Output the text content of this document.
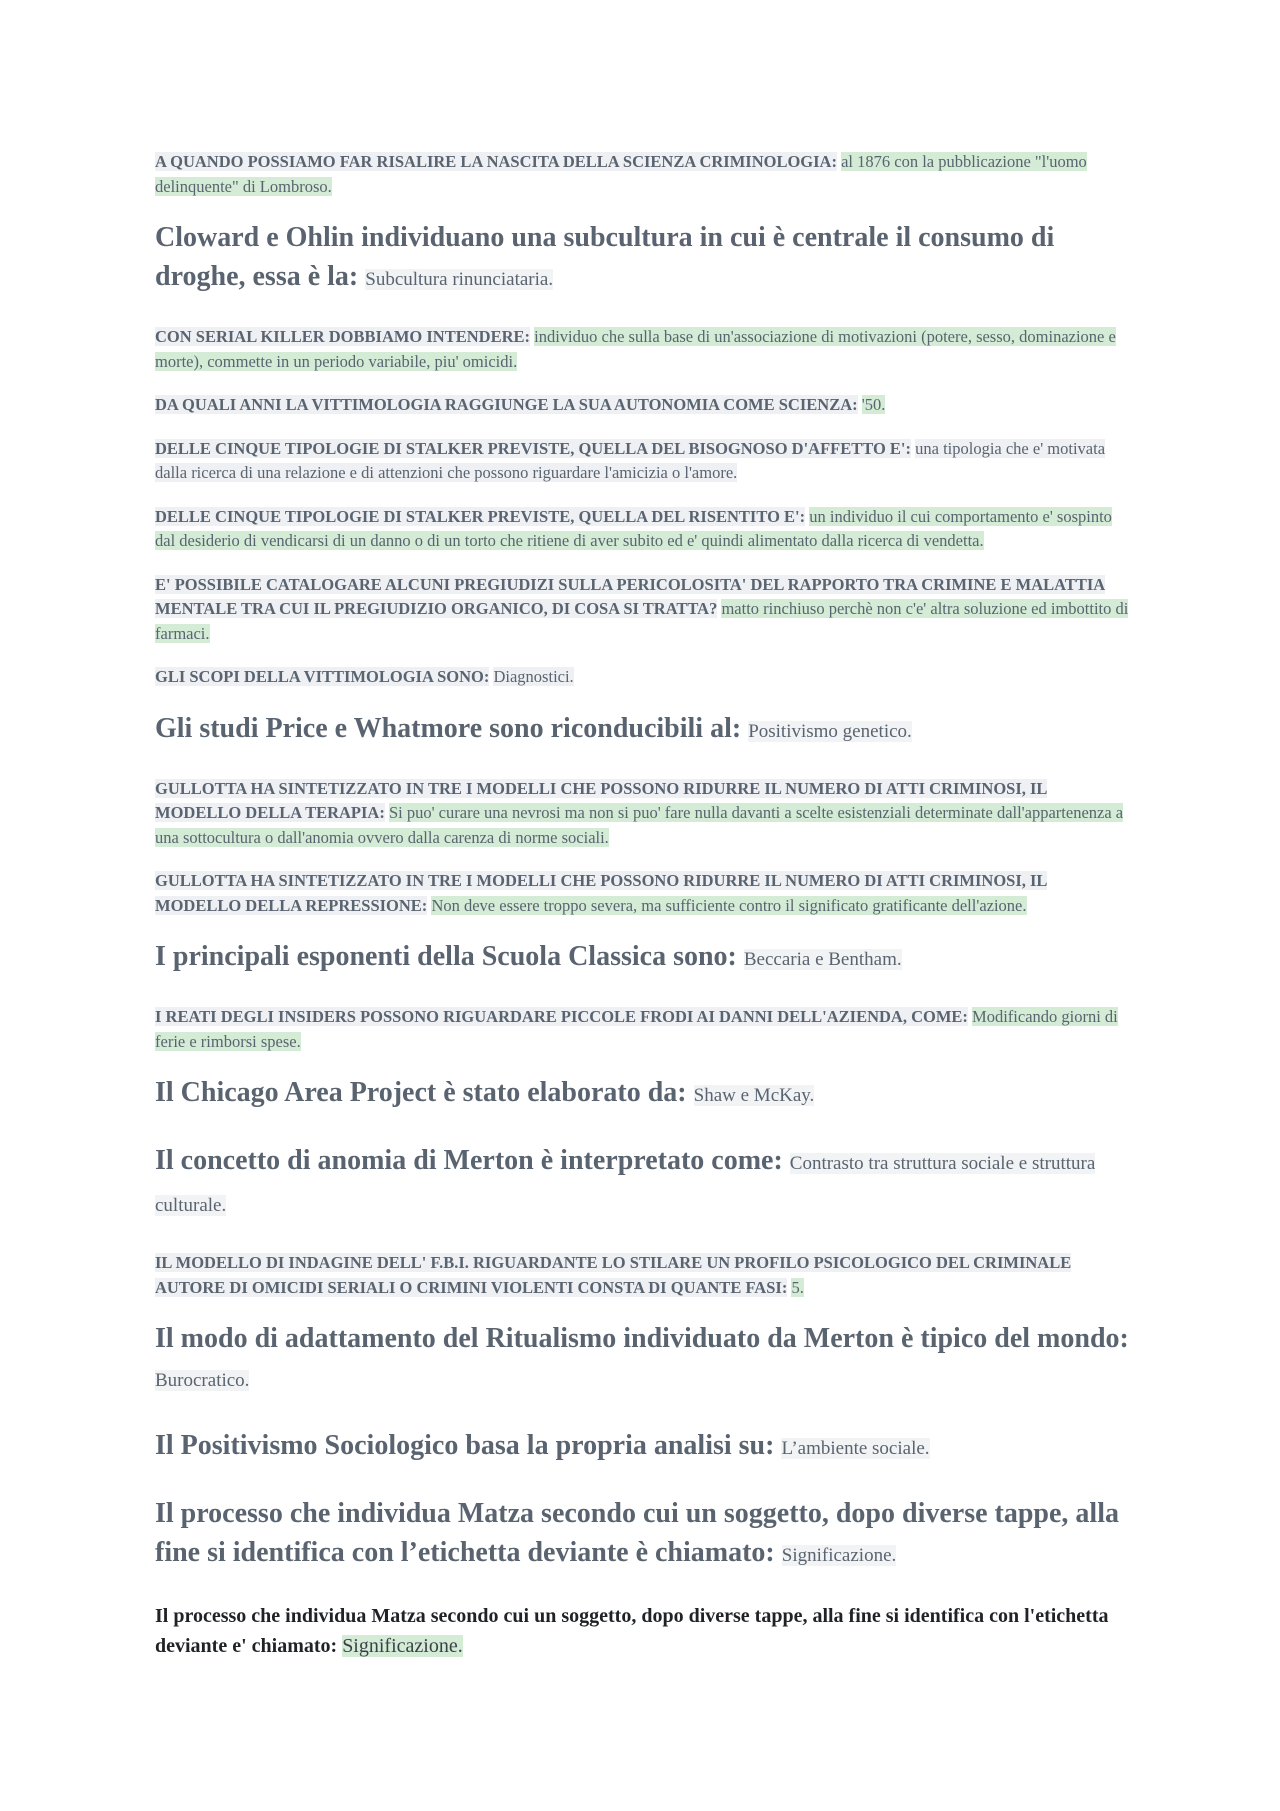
A QUANDO POSSIAMO FAR RISALIRE LA NASCITA DELLA SCIENZA CRIMINOLOGIA: al 1876 con la pubblicazione "l'uomo delinquente" di Lombroso.

Cloward e Ohlin individuano una subcultura in cui è centrale il consumo di droghe, essa è la: Subcultura rinunciataria.

CON SERIAL KILLER DOBBIAMO INTENDERE: individuo che sulla base di un'associazione di motivazioni (potere, sesso, dominazione e morte), commette in un periodo variabile, piu' omicidi.

DA QUALI ANNI LA VITTIMOLOGIA RAGGIUNGE LA SUA AUTONOMIA COME SCIENZA: '50.

DELLE CINQUE TIPOLOGIE DI STALKER PREVISTE, QUELLA DEL BISOGNOSO D'AFFETTO E': una tipologia che e' motivata dalla ricerca di una relazione e di attenzioni che possono riguardare l'amicizia o l'amore.

DELLE CINQUE TIPOLOGIE DI STALKER PREVISTE, QUELLA DEL RISENTITO E': un individuo il cui comportamento e' sospinto dal desiderio di vendicarsi di un danno o di un torto che ritiene di aver subito ed e' quindi alimentato dalla ricerca di vendetta.

E' POSSIBILE CATALOGARE ALCUNI PREGIUDIZI SULLA PERICOLOSITA' DEL RAPPORTO TRA CRIMINE E MALATTIA MENTALE TRA CUI IL PREGIUDIZIO ORGANICO, DI COSA SI TRATTA? matto rinchiuso perchè non c'e' altra soluzione ed imbottito di farmaci.

GLI SCOPI DELLA VITTIMOLOGIA SONO: Diagnostici.

Gli studi Price e Whatmore sono riconducibili al: Positivismo genetico.

GULLOTTA HA SINTETIZZATO IN TRE I MODELLI CHE POSSONO RIDURRE IL NUMERO DI ATTI CRIMINOSI, IL MODELLO DELLA TERAPIA: Si puo' curare una nevrosi ma non si puo' fare nulla davanti a scelte esistenziali determinate dall'appartenenza a una sottocultura o dall'anomia ovvero dalla carenza di norme sociali.

GULLOTTA HA SINTETIZZATO IN TRE I MODELLI CHE POSSONO RIDURRE IL NUMERO DI ATTI CRIMINOSI, IL MODELLO DELLA REPRESSIONE: Non deve essere troppo severa, ma sufficiente contro il significato gratificante dell'azione.

I principali esponenti della Scuola Classica sono: Beccaria e Bentham.

I REATI DEGLI INSIDERS POSSONO RIGUARDARE PICCOLE FRODI AI DANNI DELL'AZIENDA, COME: Modificando giorni di ferie e rimborsi spese.

Il Chicago Area Project è stato elaborato da: Shaw e McKay.

Il concetto di anomia di Merton è interpretato come: Contrasto tra struttura sociale e struttura culturale.

IL MODELLO DI INDAGINE DELL' F.B.I. RIGUARDANTE LO STILARE UN PROFILO PSICOLOGICO DEL CRIMINALE AUTORE DI OMICIDI SERIALI O CRIMINI VIOLENTI CONSTA DI QUANTE FASI: 5.

Il modo di adattamento del Ritualismo individuato da Merton è tipico del mondo: Burocratico.

Il Positivismo Sociologico basa la propria analisi su: L’ambiente sociale.

Il processo che individua Matza secondo cui un soggetto, dopo diverse tappe, alla fine si identifica con l’etichetta deviante è chiamato: Significazione.

Il processo che individua Matza secondo cui un soggetto, dopo diverse tappe, alla fine si identifica con l'etichetta deviante e' chiamato: Significazione.
